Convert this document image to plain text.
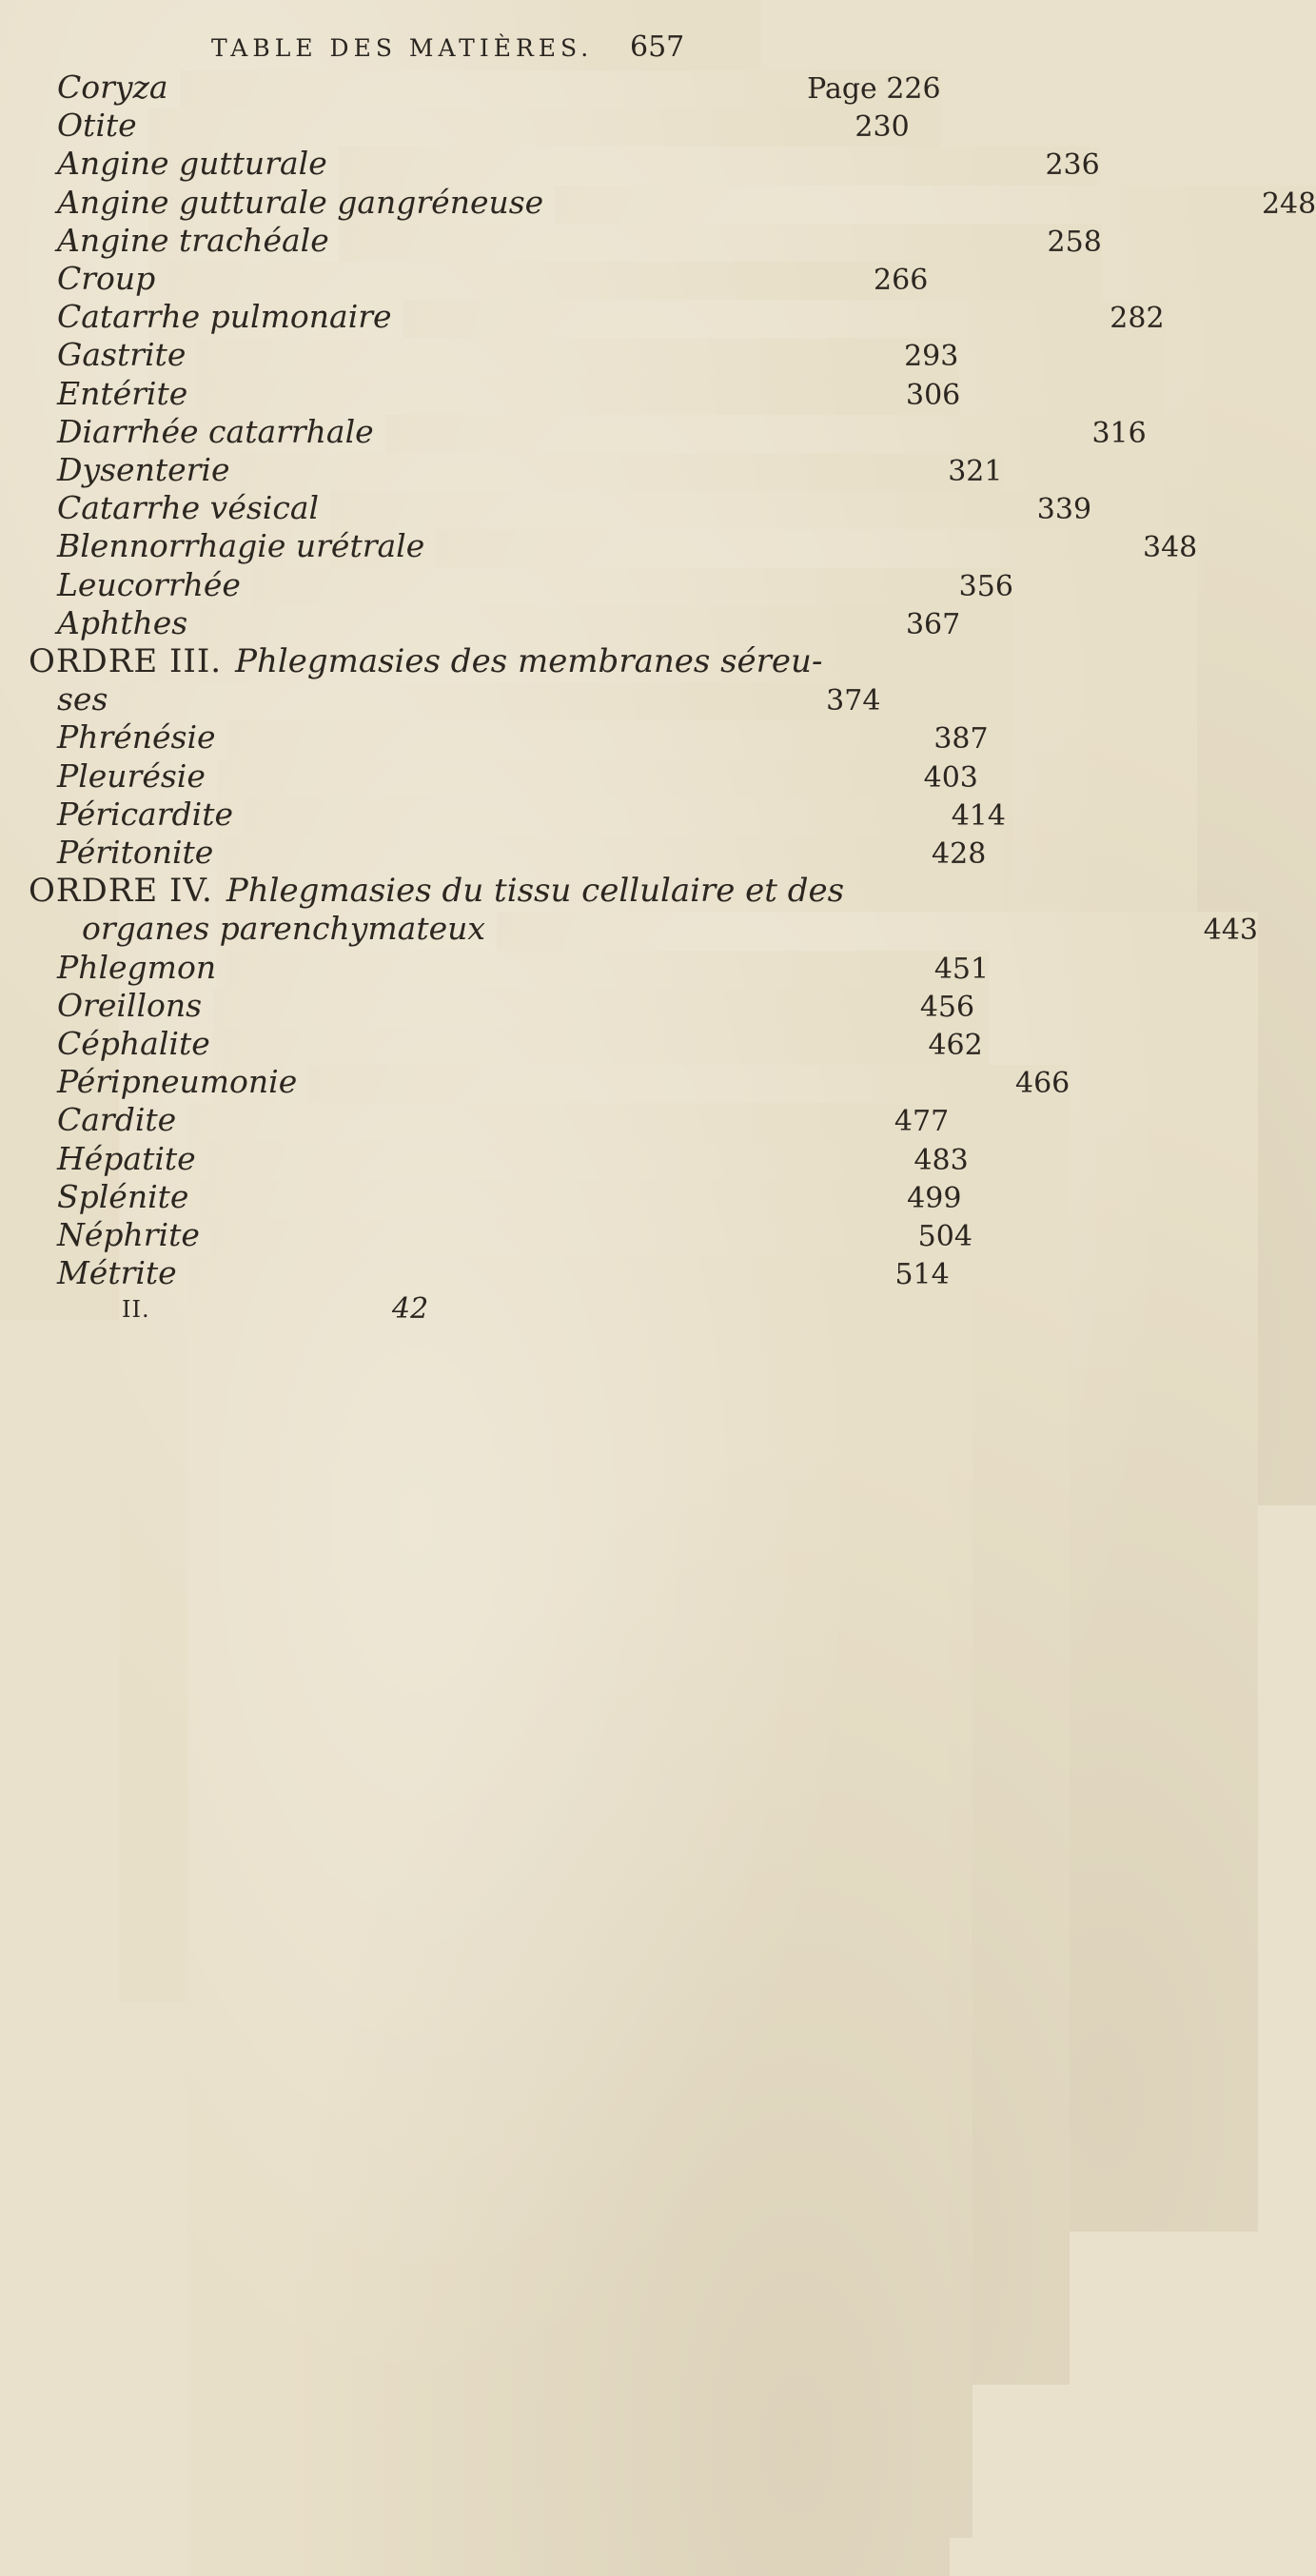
TABLE DES MATIÈRES. 657
Coryza	Page 226
Otite	230
Angine gutturale	236
Angine gutturale gangréneuse	248
Angine trachéale	258
Croup	266
Catarrhe pulmonaire	282
Gastrite	293
Entérite	306
Diarrhée catarrhale	316
Dysenterie	321
Catarrhe vésical	339
Blennorrhagie urétrale	348
Leucorrhée	356
Aphthes	367
ORDRE III. Phlegmasies des membranes séreu-
ses	374
Phrénésie	387
Pleurésie	403
Péricardite	414
Péritonite	428
ORDRE IV. Phlegmasies du tissu cellulaire et des
organes parenchymateux	443
Phlegmon	451
Oreillons	456
Céphalite	462
Péripneumonie	466
Cardite	477
Hépatite	483
Splénite	499
Néphrite	504
Métrite	514
II.	42
